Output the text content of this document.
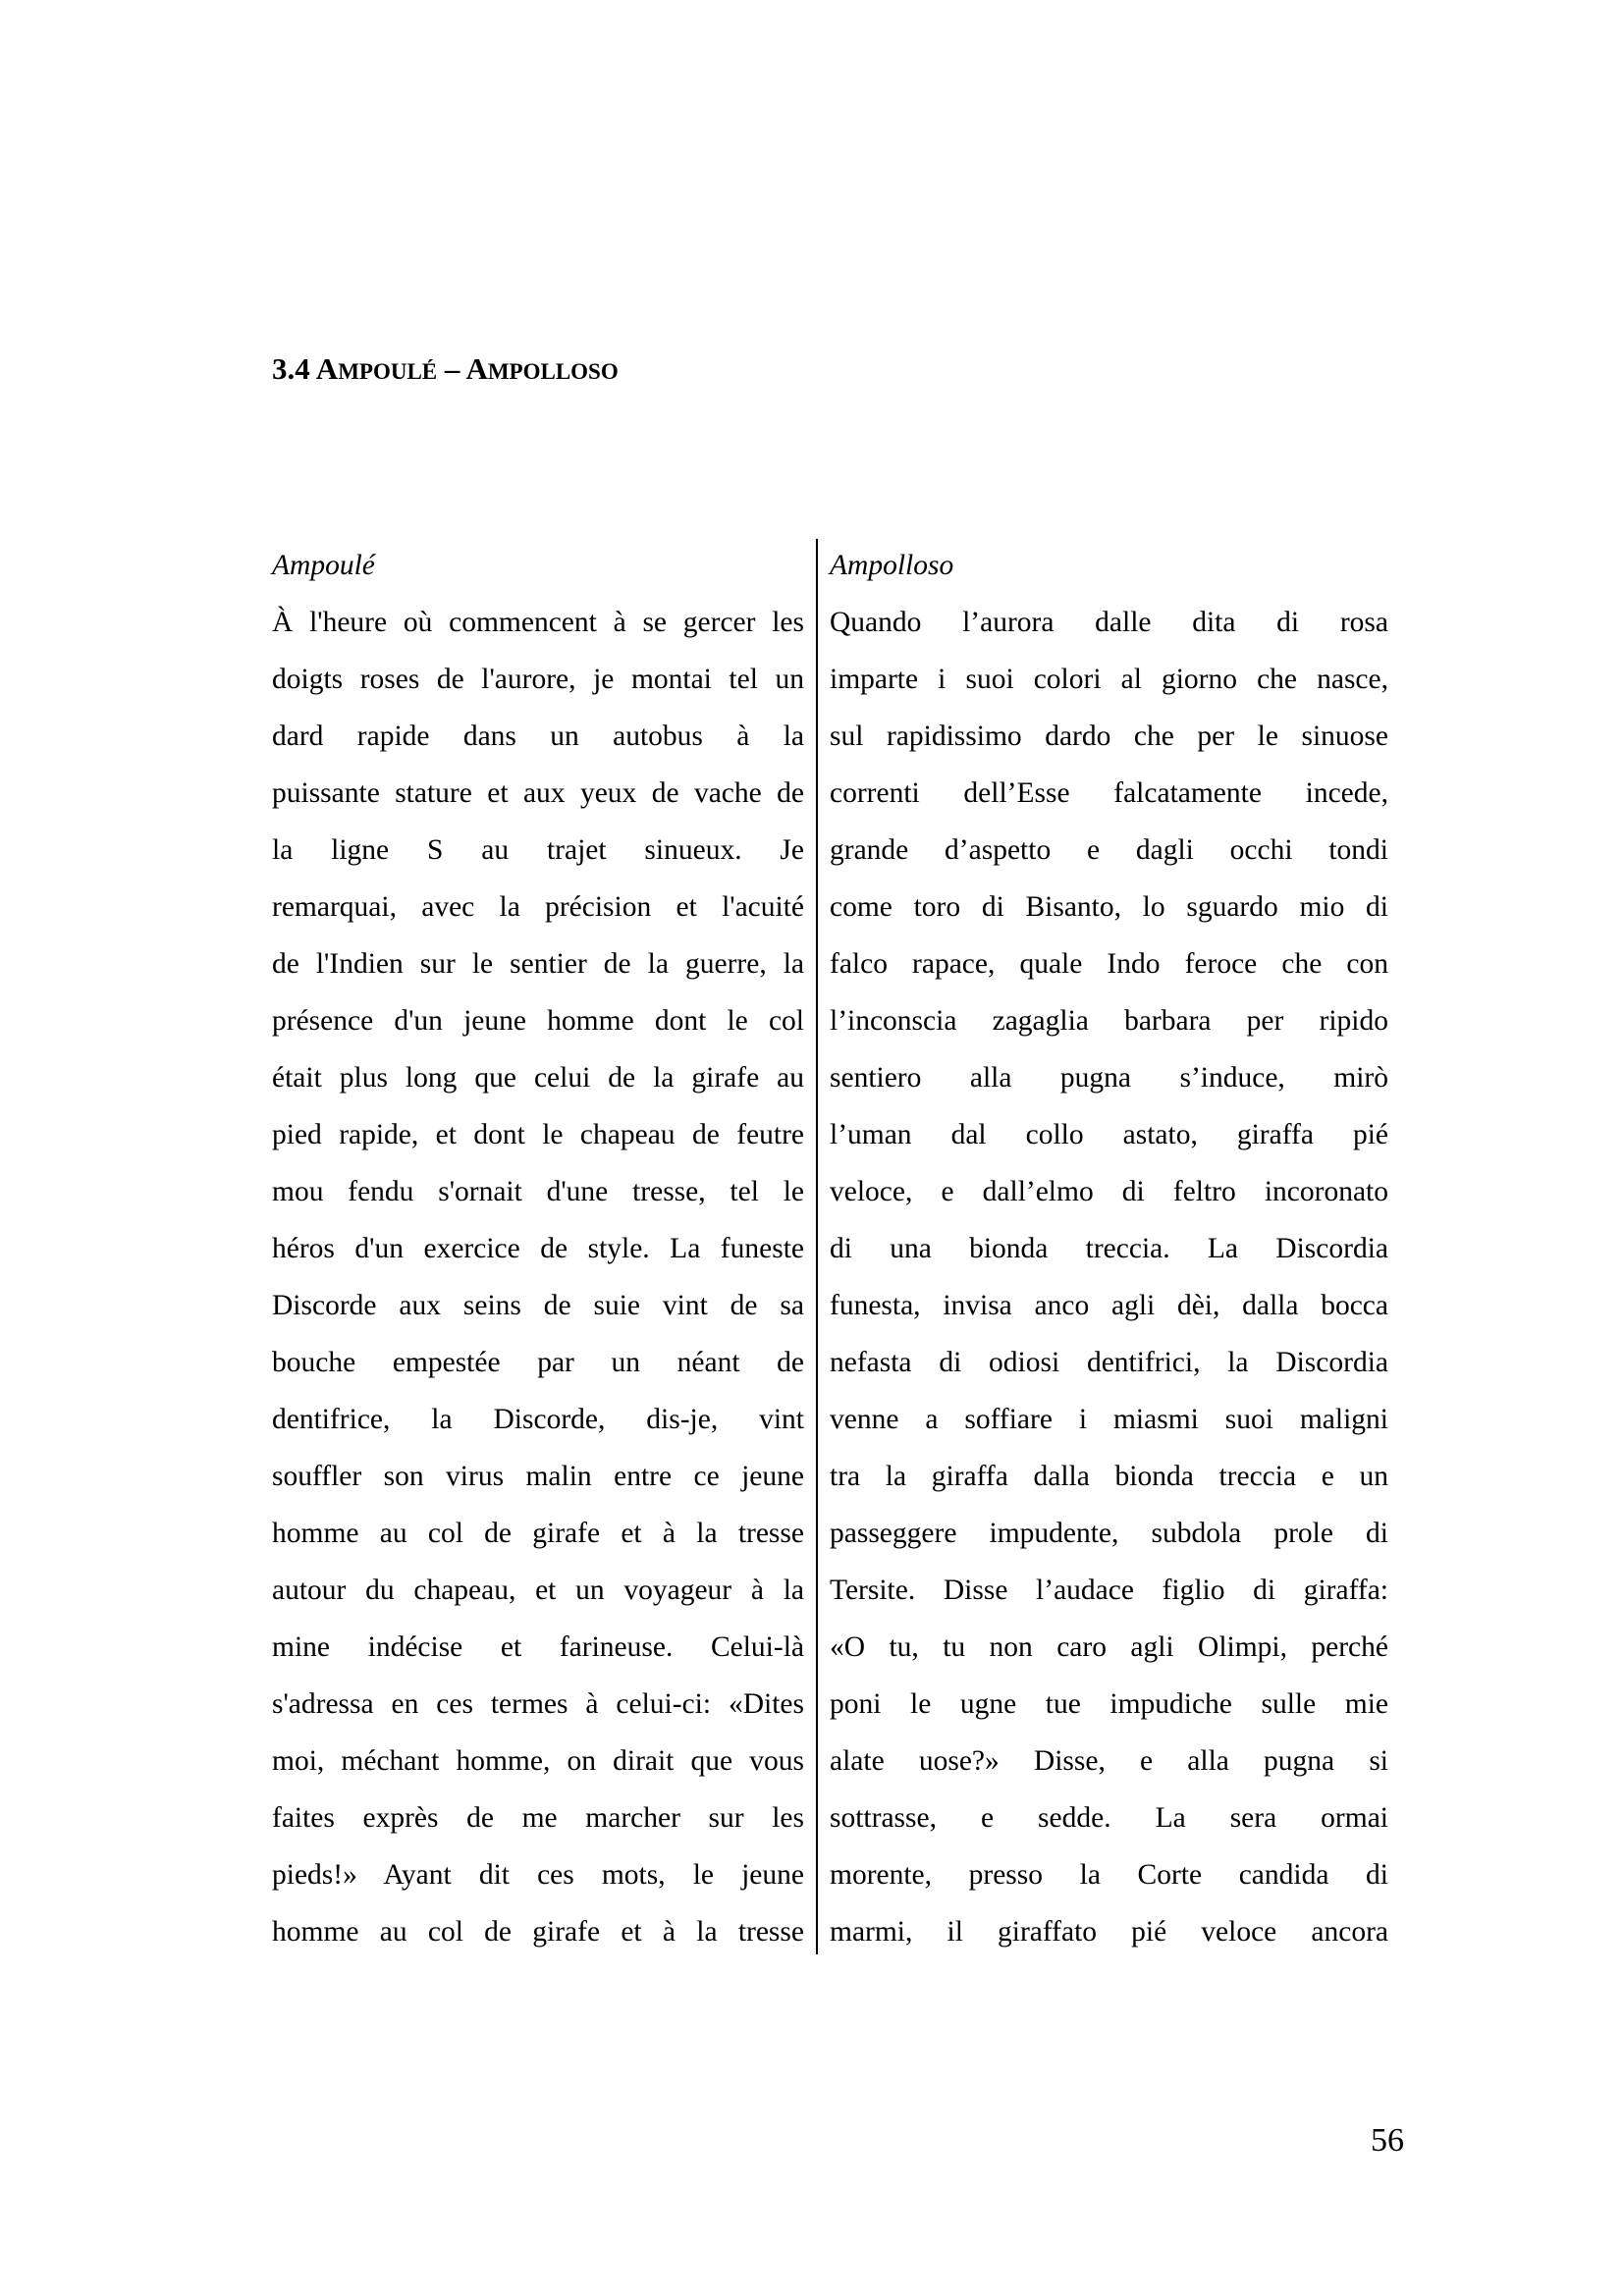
3.4 AMPOULÉ – AMPOLLOSO

Ampoulé

À l'heure où commencent à se gercer les
doigts roses de l'aurore, je montai tel un
dard rapide dans un autobus à la
puissante stature et aux yeux de vache de
la ligne S au trajet sinueux. Je
remarquai, avec la précision et l'acuité
de l'Indien sur le sentier de la guerre, la
présence d'un jeune homme dont le col
était plus long que celui de la girafe au
pied rapide, et dont le chapeau de feutre
mou fendu s'ornait d'une tresse, tel le
héros d'un exercice de style. La funeste
Discorde aux seins de suie vint de sa
bouche empestée par un néant de
dentifrice, la Discorde, dis-je, vint
souffler son virus malin entre ce jeune
homme au col de girafe et à la tresse
autour du chapeau, et un voyageur à la
mine indécise et farineuse. Celui-là
s'adressa en ces termes à celui-ci: «Dites
moi, méchant homme, on dirait que vous
faites exprès de me marcher sur les
pieds!» Ayant dit ces mots, le jeune
homme au col de girafe et à la tresse

Ampolloso

Quando l’aurora dalle dita di rosa
imparte i suoi colori al giorno che nasce,
sul rapidissimo dardo che per le sinuose
correnti dell’Esse falcatamente incede,
grande d’aspetto e dagli occhi tondi
come toro di Bisanto, lo sguardo mio di
falco rapace, quale Indo feroce che con
l’inconscia zagaglia barbara per ripido
sentiero alla pugna s’induce, mirò
l’uman dal collo astato, giraffa pié
veloce, e dall’elmo di feltro incoronato
di una bionda treccia. La Discordia
funesta, invisa anco agli dèi, dalla bocca
nefasta di odiosi dentifrici, la Discordia
venne a soffiare i miasmi suoi maligni
tra la giraffa dalla bionda treccia e un
passeggere impudente, subdola prole di
Tersite. Disse l’audace figlio di giraffa:
«O tu, tu non caro agli Olimpi, perché
poni le ugne tue impudiche sulle mie
alate uose?» Disse, e alla pugna si
sottrasse, e sedde. La sera ormai
morente, presso la Corte candida di
marmi, il giraffato pié veloce ancora
56
